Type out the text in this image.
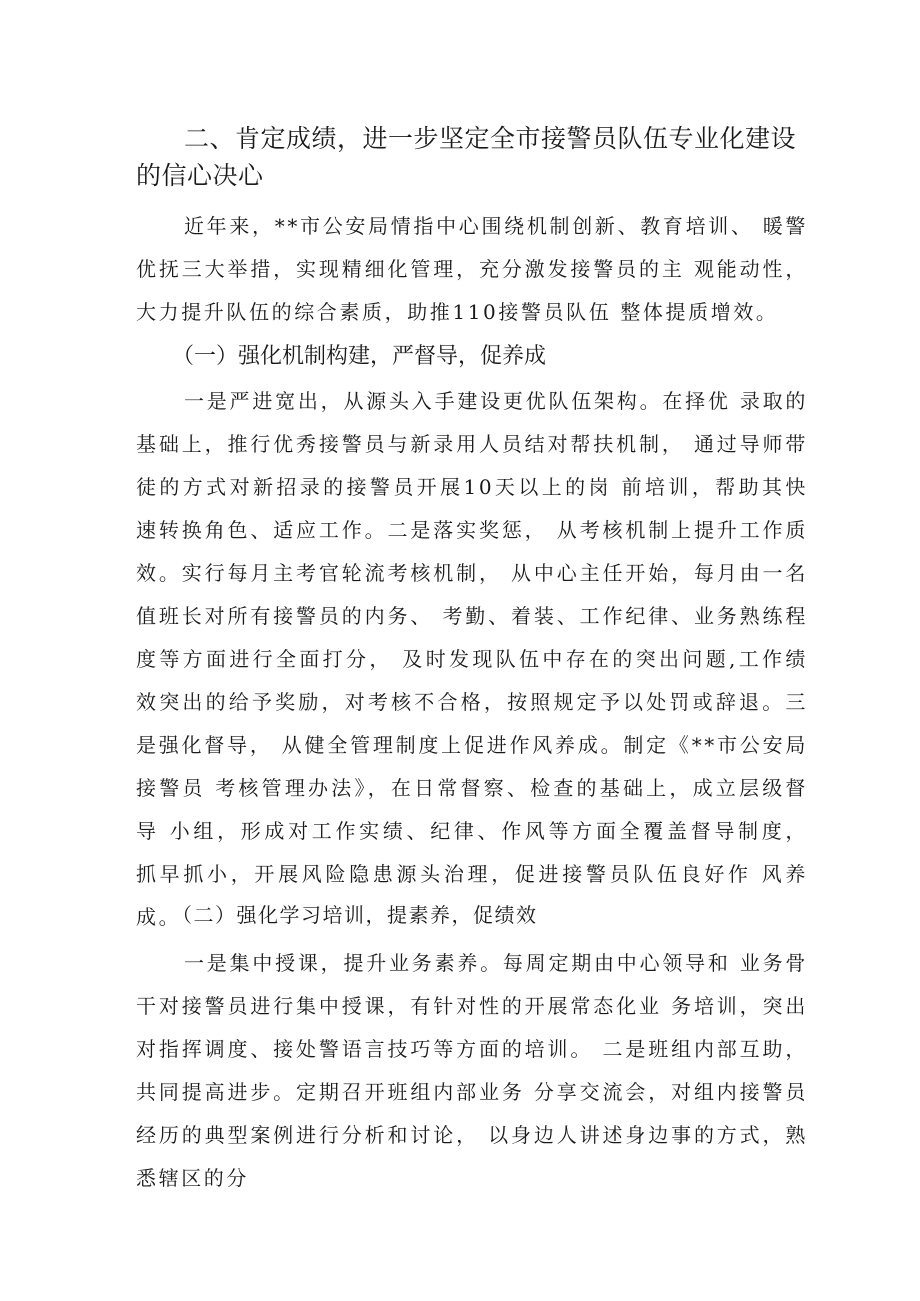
二、肯定成绩，进一步坚定全市接警员队伍专业化建设 的信心决心

近年来，**市公安局情指中心围绕机制创新、教育培训、 暖警优抚三大举措，实现精细化管理，充分激发接警员的主 观能动性，大力提升队伍的综合素质，助推110接警员队伍 整体提质增效。

（一）强化机制构建，严督导，促养成

一是严进宽出，从源头入手建设更优队伍架构。在择优 录取的基础上，推行优秀接警员与新录用人员结对帮扶机制， 通过导师带徒的方式对新招录的接警员开展10天以上的岗 前培训，帮助其快速转换角色、适应工作。二是落实奖惩， 从考核机制上提升工作质效。实行每月主考官轮流考核机制， 从中心主任开始，每月由一名值班长对所有接警员的内务、 考勤、着装、工作纪律、业务熟练程度等方面进行全面打分， 及时发现队伍中存在的突出问题,工作绩效突出的给予奖励，对考核不合格，按照规定予以处罚或辞退。三是强化督导， 从健全管理制度上促进作风养成。制定《**市公安局接警员 考核管理办法》，在日常督察、检查的基础上，成立层级督导 小组，形成对工作实绩、纪律、作风等方面全覆盖督导制度， 抓早抓小，开展风险隐患源头治理，促进接警员队伍良好作 风养成。

（二）强化学习培训，提素养，促绩效

一是集中授课，提升业务素养。每周定期由中心领导和 业务骨干对接警员进行集中授课，有针对性的开展常态化业 务培训，突出对指挥调度、接处警语言技巧等方面的培训。 二是班组内部互助，共同提高进步。定期召开班组内部业务 分享交流会，对组内接警员经历的典型案例进行分析和讨论， 以身边人讲述身边事的方式，熟悉辖区的分
